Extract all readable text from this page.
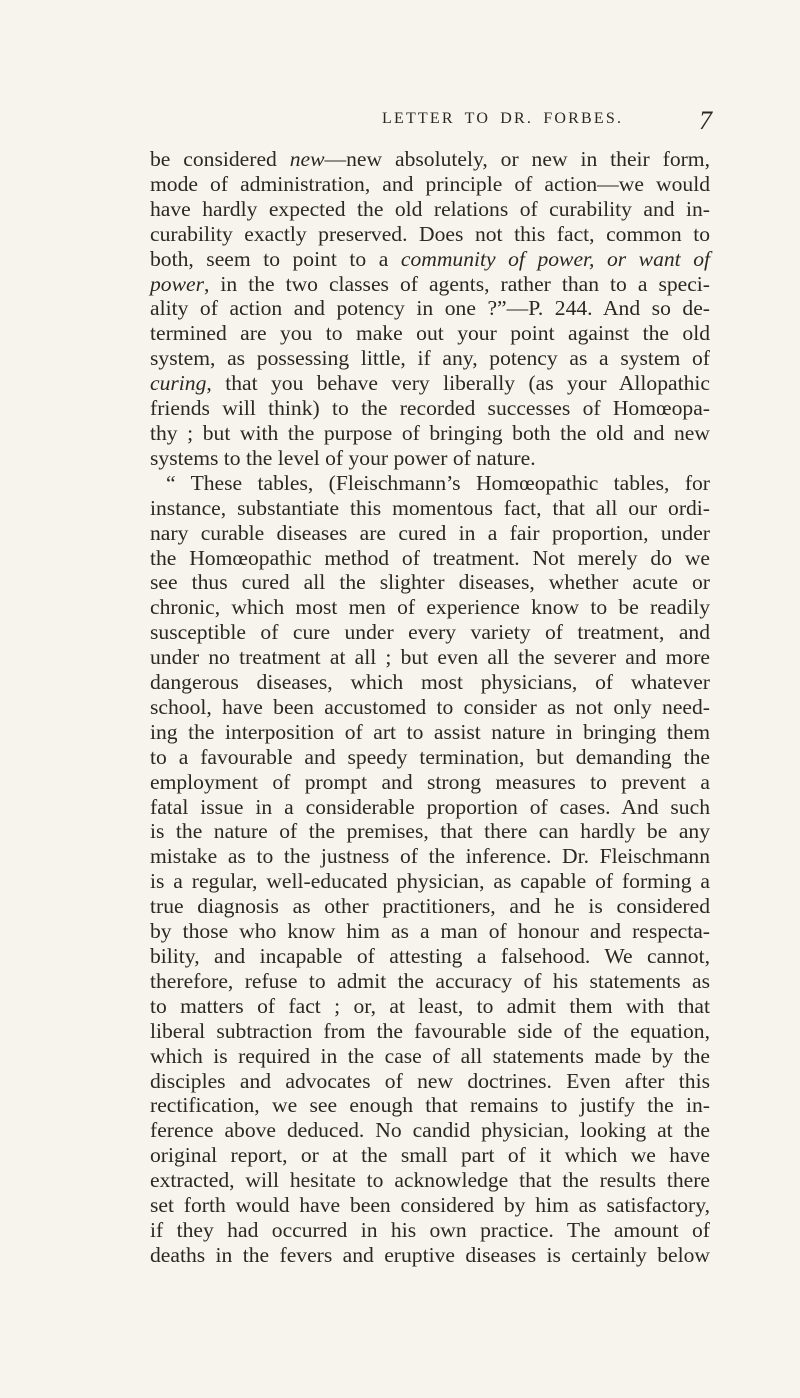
LETTER TO DR. FORBES.	7
be considered new—new absolutely, or new in their form,
mode of administration, and principle of action—we would
have hardly expected the old relations of curability and in-
curability exactly preserved. Does not this fact, common to
both, seem to point to a community of power, or want of
power, in the two classes of agents, rather than to a speci-
ality of action and potency in one ?”—P. 244. And so de-
termined are you to make out your point against the old
system, as possessing little, if any, potency as a system of
curing, that you behave very liberally (as your Allopathic
friends will think) to the recorded successes of Homœopa-
thy ; but with the purpose of bringing both the old and new
systems to the level of your power of nature.
“ These tables, (Fleischmann’s Homœopathic tables, for
instance, substantiate this momentous fact, that all our ordi-
nary curable diseases are cured in a fair proportion, under
the Homœopathic method of treatment. Not merely do we
see thus cured all the slighter diseases, whether acute or
chronic, which most men of experience know to be readily
susceptible of cure under every variety of treatment, and
under no treatment at all ; but even all the severer and more
dangerous diseases, which most physicians, of whatever
school, have been accustomed to consider as not only need-
ing the interposition of art to assist nature in bringing them
to a favourable and speedy termination, but demanding the
employment of prompt and strong measures to prevent a
fatal issue in a considerable proportion of cases. And such
is the nature of the premises, that there can hardly be any
mistake as to the justness of the inference. Dr. Fleischmann
is a regular, well-educated physician, as capable of forming a
true diagnosis as other practitioners, and he is considered
by those who know him as a man of honour and respecta-
bility, and incapable of attesting a falsehood. We cannot,
therefore, refuse to admit the accuracy of his statements as
to matters of fact ; or, at least, to admit them with that
liberal subtraction from the favourable side of the equation,
which is required in the case of all statements made by the
disciples and advocates of new doctrines. Even after this
rectification, we see enough that remains to justify the in-
ference above deduced. No candid physician, looking at the
original report, or at the small part of it which we have
extracted, will hesitate to acknowledge that the results there
set forth would have been considered by him as satisfactory,
if they had occurred in his own practice. The amount of
deaths in the fevers and eruptive diseases is certainly below
